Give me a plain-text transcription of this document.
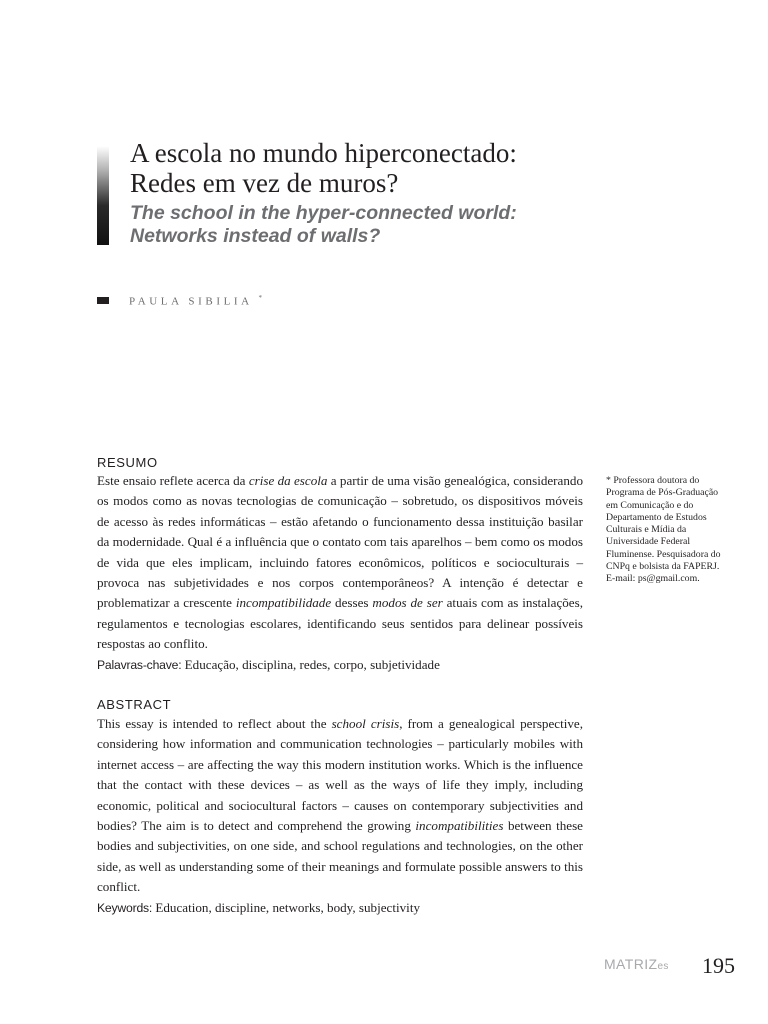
A escola no mundo hiperconectado:
Redes em vez de muros?
The school in the hyper-connected world:
Networks instead of walls?
PAULA SIBILIA *
RESUMO

Este ensaio reflete acerca da crise da escola a partir de uma visão genealógica, considerando os modos como as novas tecnologias de comunicação – sobretudo, os dispositivos móveis de acesso às redes informáticas – estão afetando o funcionamento dessa instituição basilar da modernidade. Qual é a influência que o contato com tais aparelhos – bem como os modos de vida que eles implicam, incluindo fatores econômicos, políticos e socioculturais – provoca nas subjetividades e nos corpos contemporâneos? A intenção é detectar e problematizar a crescente incompatibilidade desses modos de ser atuais com as instalações, regulamentos e tecnologias escolares, identificando seus sentidos para delinear possíveis respostas ao conflito.
Palavras-chave: Educação, disciplina, redes, corpo, subjetividade

ABSTRACT

This essay is intended to reflect about the school crisis, from a genealogical perspective, considering how information and communication technologies – particularly mobiles with internet access – are affecting the way this modern institution works. Which is the influence that the contact with these devices – as well as the ways of life they imply, including economic, political and sociocultural factors – causes on contemporary subjectivities and bodies? The aim is to detect and comprehend the growing incompatibilities between these bodies and subjectivities, on one side, and school regulations and technologies, on the other side, as well as understanding some of their meanings and formulate possible answers to this conflict.
Keywords: Education, discipline, networks, body, subjectivity

* Professora doutora do
Programa de Pós-Graduação
em Comunicação e do
Departamento de Estudos
Culturais e Mídia da
Universidade Federal
Fluminense. Pesquisadora do
CNPq e bolsista da FAPERJ.
E-mail: ps@gmail.com.

MATRIZes 195
